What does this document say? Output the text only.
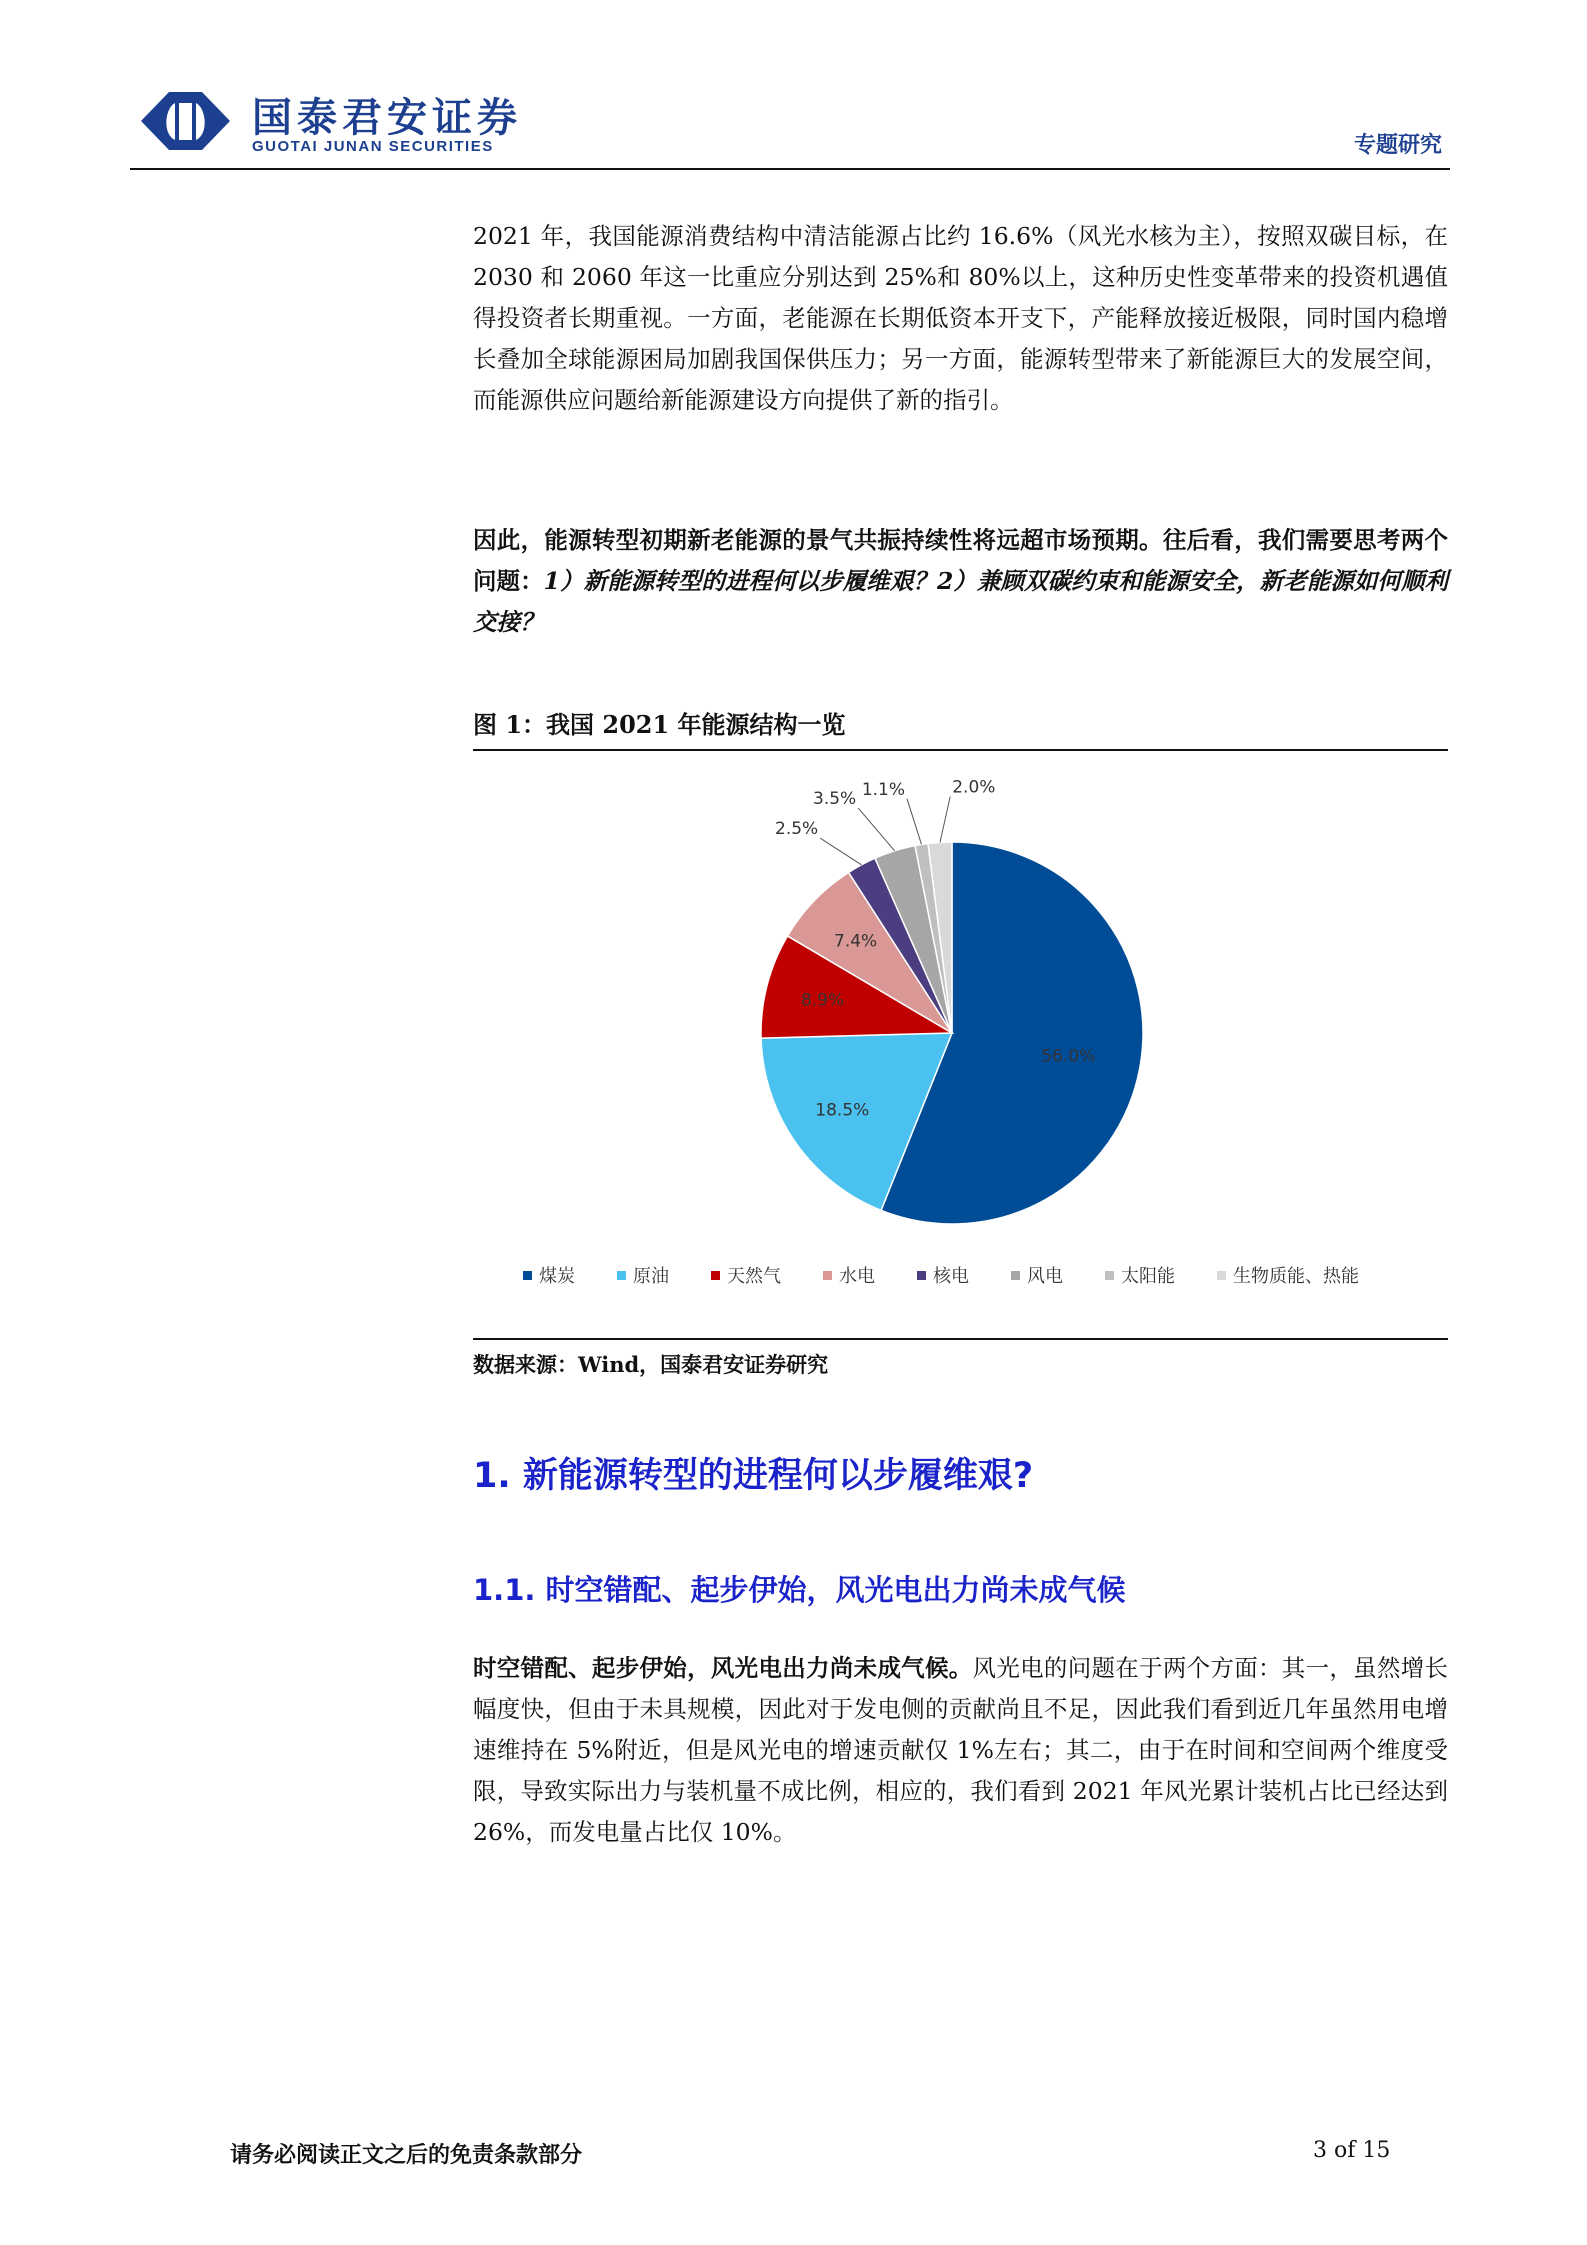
国泰君安证券
GUOTAI JUNAN SECURITIES	专题研究

2021 年，我国能源消费结构中清洁能源占比约 16.6%（风光水核为主），按照双碳目标，在 2030 和 2060 年这一比重应分别达到 25%和 80%以上，这种历史性变革带来的投资机遇值得投资者长期重视。一方面，老能源在长期低资本开支下，产能释放接近极限，同时国内稳增长叠加全球能源困局加剧我国保供压力；另一方面，能源转型带来了新能源巨大的发展空间，而能源供应问题给新能源建设方向提供了新的指引。

因此，能源转型初期新老能源的景气共振持续性将远超市场预期。往后看，我们需要思考两个问题：1）新能源转型的进程何以步履维艰？2）兼顾双碳约束和能源安全，新老能源如何顺利交接？

图 1：我国 2021 年能源结构一览
56.0%
18.5%
8.9%
7.4%
2.5%
3.5% 1.1%	2.0%
煤炭	原油	天然气	水电	核电	风电	太阳能	生物质能、热能
数据来源：Wind，国泰君安证券研究
1. 新能源转型的进程何以步履维艰?
1.1. 时空错配、起步伊始，风光电出力尚未成气候

时空错配、起步伊始，风光电出力尚未成气候。风光电的问题在于两个方面：其一，虽然增长幅度快，但由于未具规模，因此对于发电侧的贡献尚且不足，因此我们看到近几年虽然用电增速维持在 5%附近，但是风光电的增速贡献仅 1%左右；其二，由于在时间和空间两个维度受限，导致实际出力与装机量不成比例，相应的，我们看到 2021 年风光累计装机占比已经达到 26%，而发电量占比仅 10%。

请务必阅读正文之后的免责条款部分	3 of 15
